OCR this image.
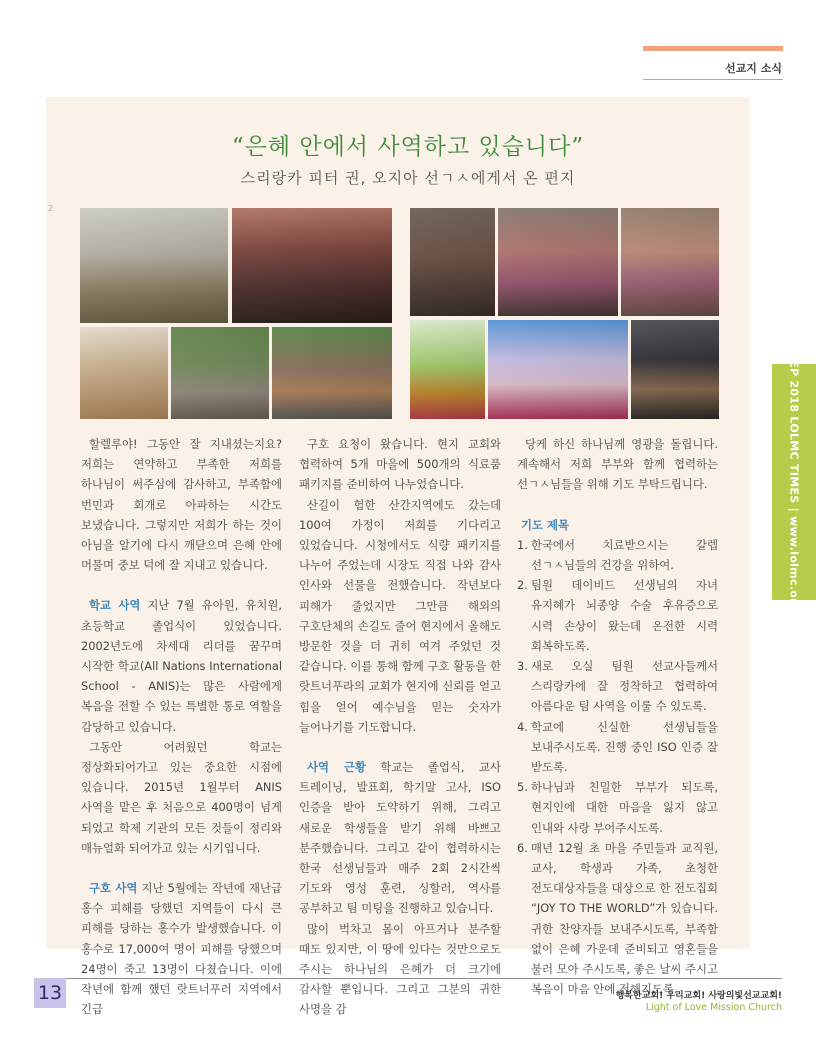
선교지 소식
“은혜 안에서 사역하고 있습니다”
스리랑카 피터 권, 오지아 선ㄱㅅ에게서 온 편지
2

할렐루야! 그동안 잘 지내셨는지요? 저희는 연약하고 부족한 저희를 하나님이 써주심에 감사하고, 부족함에 번민과 회개로 아파하는 시간도 보냈습니다. 그렇지만 저희가 하는 것이 아님을 알기에 다시 깨닫으며 은혜 안에 머물며 중보 덕에 잘 지내고 있습니다.

학교 사역 지난 7월 유아원, 유치원, 초등학교 졸업식이 있었습니다. 2002년도에 차세대 리더를 꿈꾸며 시작한 학교(All Nations International School - ANIS)는 많은 사람에게 복음을 전할 수 있는 특별한 통로 역할을 감당하고 있습니다.

그동안 어려웠던 학교는 정상화되어가고 있는 중요한 시점에 있습니다. 2015년 1월부터 ANIS 사역을 맡은 후 처음으로 400명이 넘게 되었고 학제 기관의 모든 것들이 정리와 매뉴얼화 되어가고 있는 시기입니다.

구호 사역 지난 5월에는 작년에 재난급 홍수 피해를 당했던 지역들이 다시 큰 피해를 당하는 홍수가 발생했습니다. 이 홍수로 17,000여 명이 피해를 당했으며 24명이 죽고 13명이 다쳤습니다. 이에 작년에 함께 했던 랏트너푸러 지역에서 긴급

구호 요청이 왔습니다. 현지 교회와 협력하여 5개 마을에 500개의 식료품 패키지를 준비하여 나누었습니다.

산길이 험한 산간지역에도 갔는데 100여 가정이 저희를 기다리고 있었습니다. 시청에서도 식량 패키지를 나누어 주었는데 시장도 직접 나와 감사 인사와 선물을 전했습니다. 작년보다 피해가 줄었지만 그만큼 해외의 구호단체의 손길도 줄어 현지에서 올해도 방문한 것을 더 귀히 여겨 주었던 것 같습니다. 이를 통해 함께 구호 활동을 한 랏트너푸라의 교회가 현지에 신뢰를 얻고 힘을 얻어 예수님을 믿는 숫자가 늘어나기를 기도합니다.

사역 근황 학교는 졸업식, 교사 트레이닝, 발표회, 학기말 고사, ISO 인증을 받아 도약하기 위해, 그리고 새로운 학생들을 받기 위해 바쁘고 분주했습니다. 그리고 같이 협력하시는 한국 선생님들과 매주 2회 2시간씩 기도와 영성 훈련, 싱할러, 역사를 공부하고 팀 미팅을 진행하고 있습니다.

많이 벅차고 몸이 아프거나 분주할 때도 있지만, 이 땅에 있다는 것만으로도 주시는 하나님의 은혜가 더 크기에 감사할 뿐입니다. 그리고 그분의 귀한 사명을 감

당케 하신 하나님께 영광을 돌립니다. 계속해서 저희 부부와 함께 협력하는 선ㄱㅅ님들을 위해 기도 부탁드립니다.

기도 제목
1. 한국에서 치료받으시는 갈렙 선ㄱㅅ님들의 건강을 위하여.
2. 팀원 데이비드 선생님의 자녀 유지혜가 뇌종양 수술 후유증으로 시력 손상이 왔는데 온전한 시력 회복하도록.
3. 새로 오실 팀원 선교사들께서 스리랑카에 잘 정착하고 협력하여 아름다운 팀 사역을 이룰 수 있도록.
4. 학교에 신실한 선생님들을 보내주시도록. 진행 중인 ISO 인증 잘 받도록.
5. 하나님과 친밀한 부부가 되도록, 현지인에 대한 마음을 잃지 않고 인내와 사랑 부어주시도록.
6. 매년 12월 초 마을 주민들과 교직원, 교사, 학생과 가족, 초청한 전도대상자들을 대상으로 한 전도집회 “JOY TO THE WORLD”가 있습니다. 귀한 찬양자들 보내주시도록, 부족함 없이 은혜 가운데 준비되고 영혼들을 불러 모아 주시도록, 좋은 날씨 주시고 복음이 마음 안에 전해지도록.
SEP 2018 LOLMC TIMES | www.lolmc.org
13	행복한교회! 우리교회! 사랑의빛선교교회!
Light of Love Mission Church
